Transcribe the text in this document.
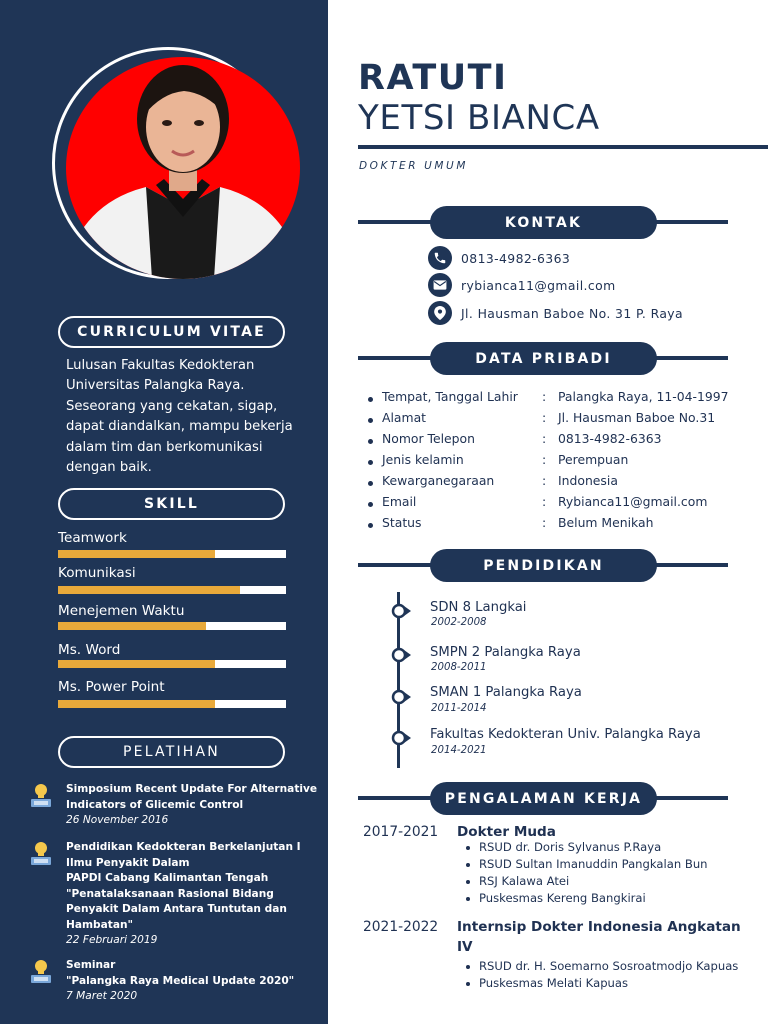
CURRICULUM VITAE
Lulusan Fakultas Kedokteran Universitas Palangka Raya. Seseorang yang cekatan, sigap, dapat diandalkan, mampu bekerja dalam tim dan berkomunikasi dengan baik.
SKILL
Teamwork
Komunikasi
Menejemen Waktu
Ms. Word
Ms. Power Point
PELATIHAN
Simposium Recent Update For Alternative Indicators of Glicemic Control
26 November 2016
Pendidikan Kedokteran Berkelanjutan I Ilmu Penyakit Dalam
PAPDI Cabang Kalimantan Tengah "Penatalaksanaan Rasional Bidang Penyakit Dalam Antara Tuntutan dan Hambatan"
22 Februari 2019
Seminar
"Palangka Raya Medical Update 2020"
7 Maret 2020
RATUTI
YETSI BIANCA
DOKTER UMUM
KONTAK
0813-4982-6363
rybianca11@gmail.com
Jl. Hausman Baboe No. 31 P. Raya
DATA PRIBADI
Tempat, Tanggal Lahir : Palangka Raya, 11-04-1997
Alamat	: Jl. Hausman Baboe No.31
Nomor Telepon	: 0813-4982-6363
Jenis kelamin	: Perempuan
Kewarganegaraan	: Indonesia
Email	: Rybianca11@gmail.com
Status	: Belum Menikah
PENDIDIKAN
SDN 8 Langkai
2002-2008
SMPN 2 Palangka Raya
2008-2011
SMAN 1 Palangka Raya
2011-2014
Fakultas Kedokteran Univ. Palangka Raya
2014-2021
PENGALAMAN KERJA
2017-2021 Dokter Muda
RSUD dr. Doris Sylvanus P.Raya
RSUD Sultan Imanuddin Pangkalan Bun
RSJ Kalawa Atei
Puskesmas Kereng Bangkirai
2021-2022 Internsip Dokter Indonesia Angkatan IV
RSUD dr. H. Soemarno Sosroatmodjo Kapuas
Puskesmas Melati Kapuas
